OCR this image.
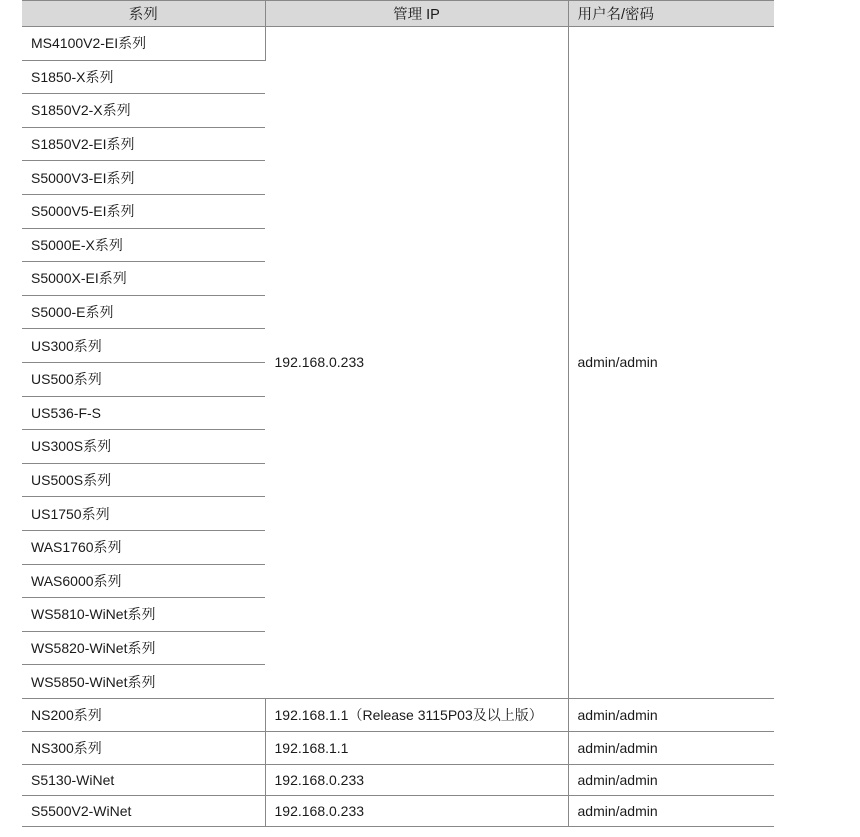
系列	管理 IP	用户名/密码
MS4100V2-EI系列	192.168.0.233	admin/admin
S1850-X系列		
S1850V2-X系列		
S1850V2-EI系列		
S5000V3-EI系列		
S5000V5-EI系列		
S5000E-X系列		
S5000X-EI系列		
S5000-E系列		
US300系列		
US500系列		
US536-F-S		
US300S系列		
US500S系列		
US1750系列		
WAS1760系列		
WAS6000系列		
WS5810-WiNet系列		
WS5820-WiNet系列		
WS5850-WiNet系列		
NS200系列	192.168.1.1（Release 3115P03及以上版）	admin/admin
NS300系列	192.168.1.1	admin/admin
S5130-WiNet	192.168.0.233	admin/admin
S5500V2-WiNet	192.168.0.233	admin/admin
